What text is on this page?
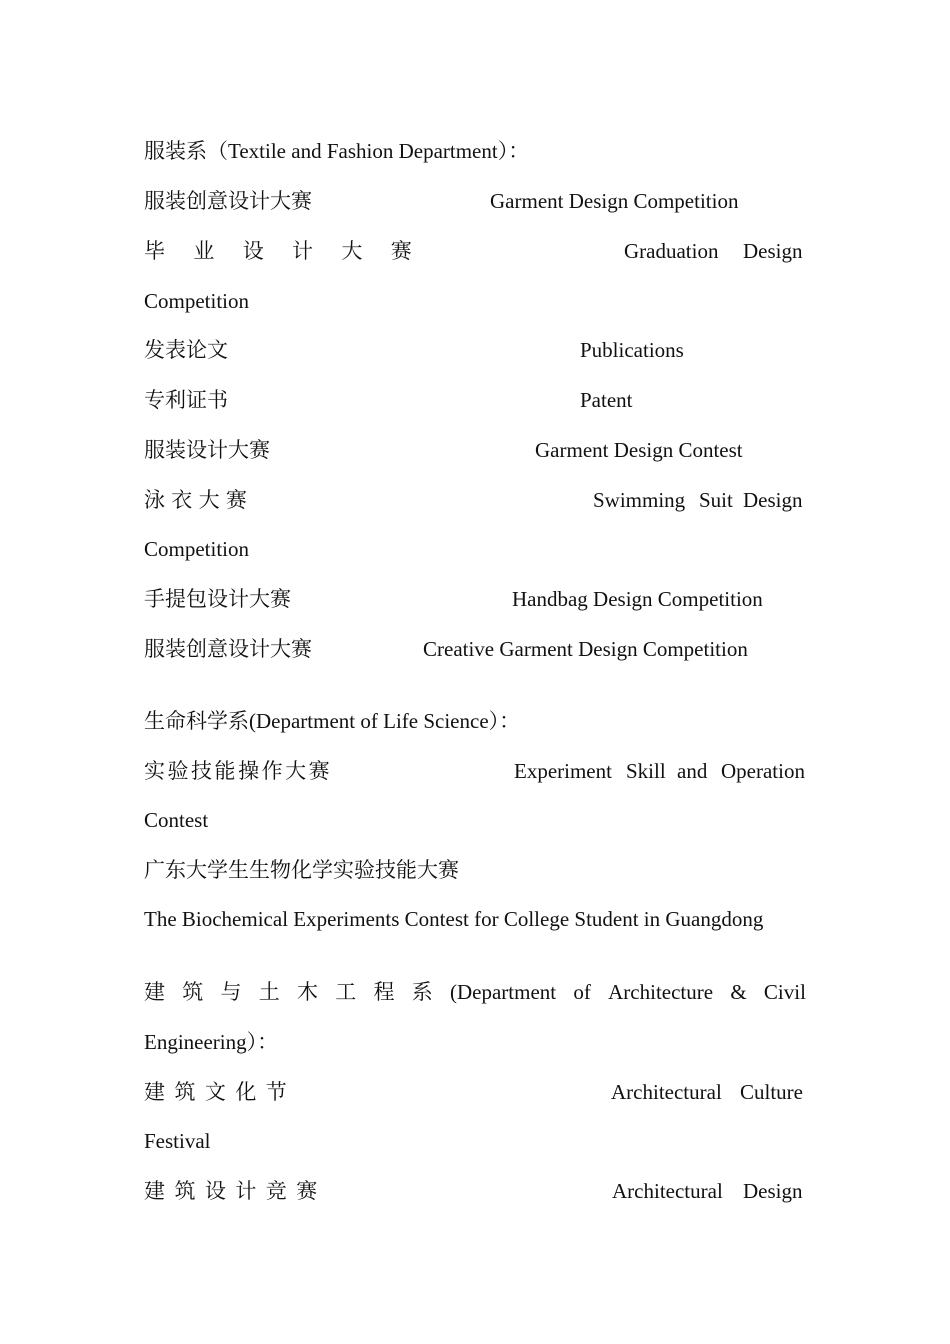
服装系（Textile and Fashion Department）：
服装创意设计大赛	Garment Design Competition
毕 业 设 计 大 赛	Graduation Design
Competition
发表论文	Publications
专利证书	Patent
服装设计大赛	Garment Design Contest
泳衣大赛	Swimming Suit Design
Competition
手提包设计大赛	Handbag Design Competition
服装创意设计大赛	Creative Garment Design Competition
生命科学系(Department of Life Science）：
实验技能操作大赛	Experiment Skill and Operation
Contest
广东大学生生物化学实验技能大赛
The Biochemical Experiments Contest for College Student in Guangdong
建 筑 与 土 木 工 程 系 (Department of Architecture & Civil
Engineering）：
建 筑 文 化 节	Architectural Culture
Festival
建 筑 设 计 竞 赛	Architectural Design
